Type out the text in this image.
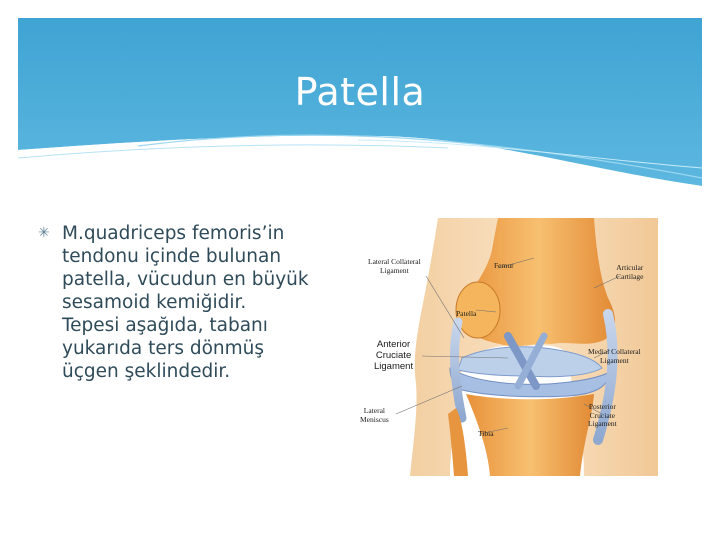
Patella
✳ M.quadriceps femoris’in
tendonu içinde bulunan
patella, vücudun en büyük
sesamoid kemiğidir.
Tepesi aşağıda, tabanı
yukarıda ters dönmüş
üçgen şeklindedir.
Lateral Collateral
Ligament	Femur	Articular
Cartilage
Patella
Anterior
Cruciate
Ligament
Medial Collateral
Ligament
Lateral
Meniscus
Tibia
Posterior
Cruciate
Ligament
